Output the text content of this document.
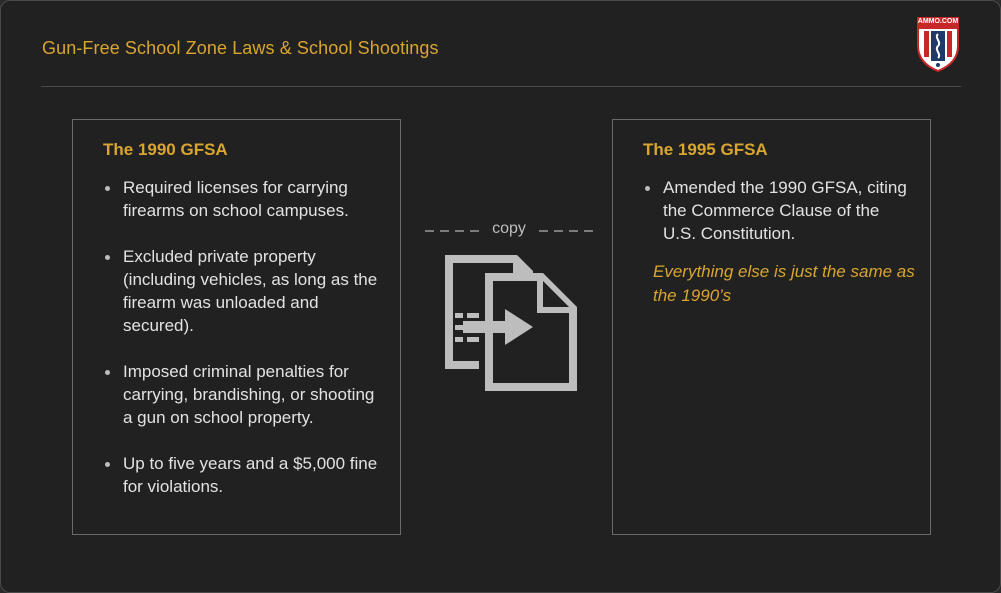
Gun-Free School Zone Laws & School Shootings
AMMO.COM
The 1990 GFSA
Required licenses for carrying firearms on school campuses.
Excluded private property (including vehicles, as long as the firearm was unloaded and secured).
Imposed criminal penalties for carrying, brandishing, or shooting a gun on school property.
Up to five years and a $5,000 fine for violations.
The 1995 GFSA
Amended the 1990 GFSA, citing the Commerce Clause of the U.S. Constitution.
Everything else is just the same as the 1990’s
copy
